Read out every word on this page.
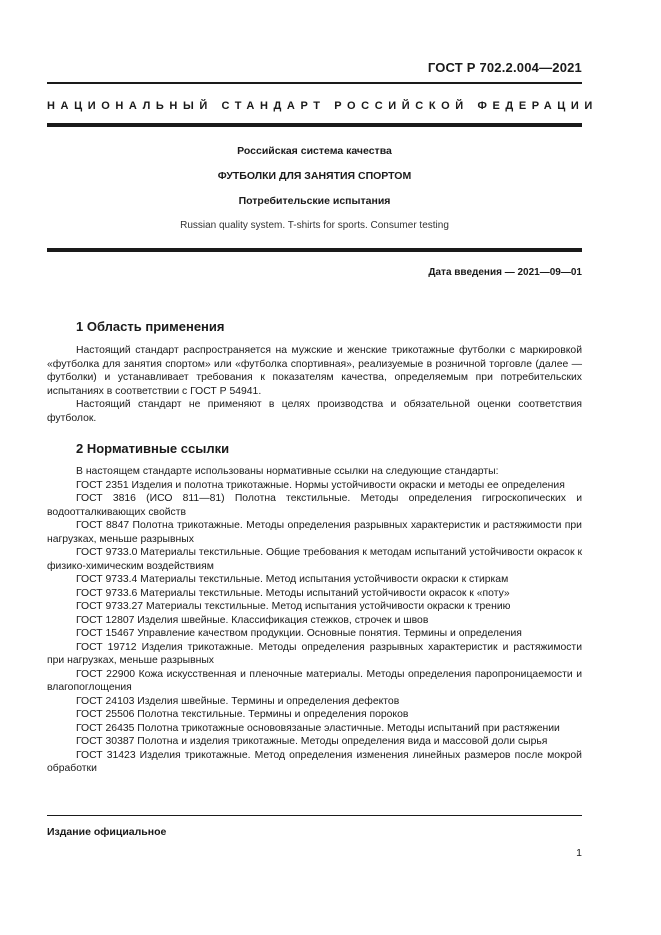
ГОСТ Р 702.2.004—2021
НАЦИОНАЛЬНЫЙ СТАНДАРТ РОССИЙСКОЙ ФЕДЕРАЦИИ
Российская система качества
ФУТБОЛКИ ДЛЯ ЗАНЯТИЯ СПОРТОМ
Потребительские испытания
Russian quality system. T-shirts for sports. Consumer testing
Дата введения — 2021—09—01
1 Область применения

Настоящий стандарт распространяется на мужские и женские трикотажные футболки с маркировкой «футболка для занятия спортом» или «футболка спортивная», реализуемые в розничной торговле (далее — футболки) и устанавливает требования к показателям качества, определяемым при потребительских испытаниях в соответствии с ГОСТ Р 54941.

Настоящий стандарт не применяют в целях производства и обязательной оценки соответствия футболок.

2 Нормативные ссылки

В настоящем стандарте использованы нормативные ссылки на следующие стандарты:

ГОСТ 2351 Изделия и полотна трикотажные. Нормы устойчивости окраски и методы ее определения

ГОСТ 3816 (ИСО 811—81) Полотна текстильные. Методы определения гигроскопических и водоотталкивающих свойств

ГОСТ 8847 Полотна трикотажные. Методы определения разрывных характеристик и растяжимости при нагрузках, меньше разрывных

ГОСТ 9733.0 Материалы текстильные. Общие требования к методам испытаний устойчивости окрасок к физико-химическим воздействиям

ГОСТ 9733.4 Материалы текстильные. Метод испытания устойчивости окраски к стиркам

ГОСТ 9733.6 Материалы текстильные. Методы испытаний устойчивости окрасок к «поту»

ГОСТ 9733.27 Материалы текстильные. Метод испытания устойчивости окраски к трению

ГОСТ 12807 Изделия швейные. Классификация стежков, строчек и швов

ГОСТ 15467 Управление качеством продукции. Основные понятия. Термины и определения

ГОСТ 19712 Изделия трикотажные. Методы определения разрывных характеристик и растяжимости при нагрузках, меньше разрывных

ГОСТ 22900 Кожа искусственная и пленочные материалы. Методы определения паропроницаемости и влагопоглощения

ГОСТ 24103 Изделия швейные. Термины и определения дефектов

ГОСТ 25506 Полотна текстильные. Термины и определения пороков

ГОСТ 26435 Полотна трикотажные основовязаные эластичные. Методы испытаний при растяжении

ГОСТ 30387 Полотна и изделия трикотажные. Методы определения вида и массовой доли сырья

ГОСТ 31423 Изделия трикотажные. Метод определения изменения линейных размеров после мокрой обработки

Издание официальное
1
